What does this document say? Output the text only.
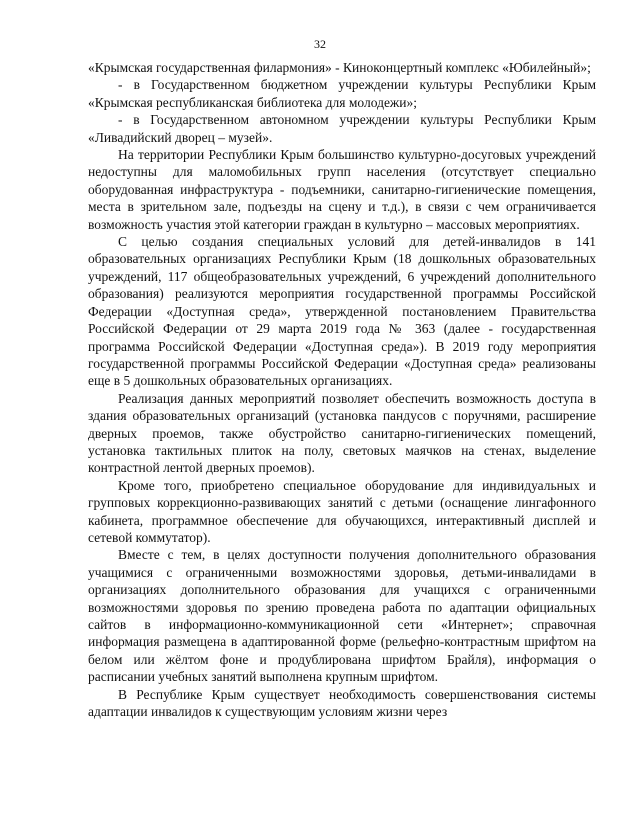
32

«Крымская государственная филармония» - Киноконцертный комплекс «Юбилейный»;

- в Государственном бюджетном учреждении культуры Республики Крым «Крымская республиканская библиотека для молодежи»;

- в Государственном автономном учреждении культуры Республики Крым «Ливадийский дворец – музей».

На территории Республики Крым большинство культурно-досуговых учреждений недоступны для маломобильных групп населения (отсутствует специально оборудованная инфраструктура - подъемники, санитарно-гигиенические помещения, места в зрительном зале, подъезды на сцену и т.д.), в связи с чем ограничивается возможность участия этой категории граждан в культурно – массовых мероприятиях.

С целью создания специальных условий для детей-инвалидов в 141 образовательных организациях Республики Крым (18 дошкольных образовательных учреждений, 117 общеобразовательных учреждений, 6 учреждений дополнительного образования) реализуются мероприятия государственной программы Российской Федерации «Доступная среда», утвержденной постановлением Правительства Российской Федерации от 29 марта 2019 года № 363 (далее - государственная программа Российской Федерации «Доступная среда»). В 2019 году мероприятия государственной программы Российской Федерации «Доступная среда» реализованы еще в 5 дошкольных образовательных организациях.

Реализация данных мероприятий позволяет обеспечить возможность доступа в здания образовательных организаций (установка пандусов с поручнями, расширение дверных проемов, также обустройство санитарно-гигиенических помещений, установка тактильных плиток на полу, световых маячков на стенах, выделение контрастной лентой дверных проемов).

Кроме того, приобретено специальное оборудование для индивидуальных и групповых коррекционно-развивающих занятий с детьми (оснащение лингафонного кабинета, программное обеспечение для обучающихся, интерактивный дисплей и сетевой коммутатор).

Вместе с тем, в целях доступности получения дополнительного образования учащимися с ограниченными возможностями здоровья, детьми-инвалидами в организациях дополнительного образования для учащихся с ограниченными возможностями здоровья по зрению проведена работа по адаптации официальных сайтов в информационно-коммуникационной сети «Интернет»; справочная информация размещена в адаптированной форме (рельефно-контрастным шрифтом на белом или жёлтом фоне и продублирована шрифтом Брайля), информация о расписании учебных занятий выполнена крупным шрифтом.

В Республике Крым существует необходимость совершенствования системы адаптации инвалидов к существующим условиям жизни через
